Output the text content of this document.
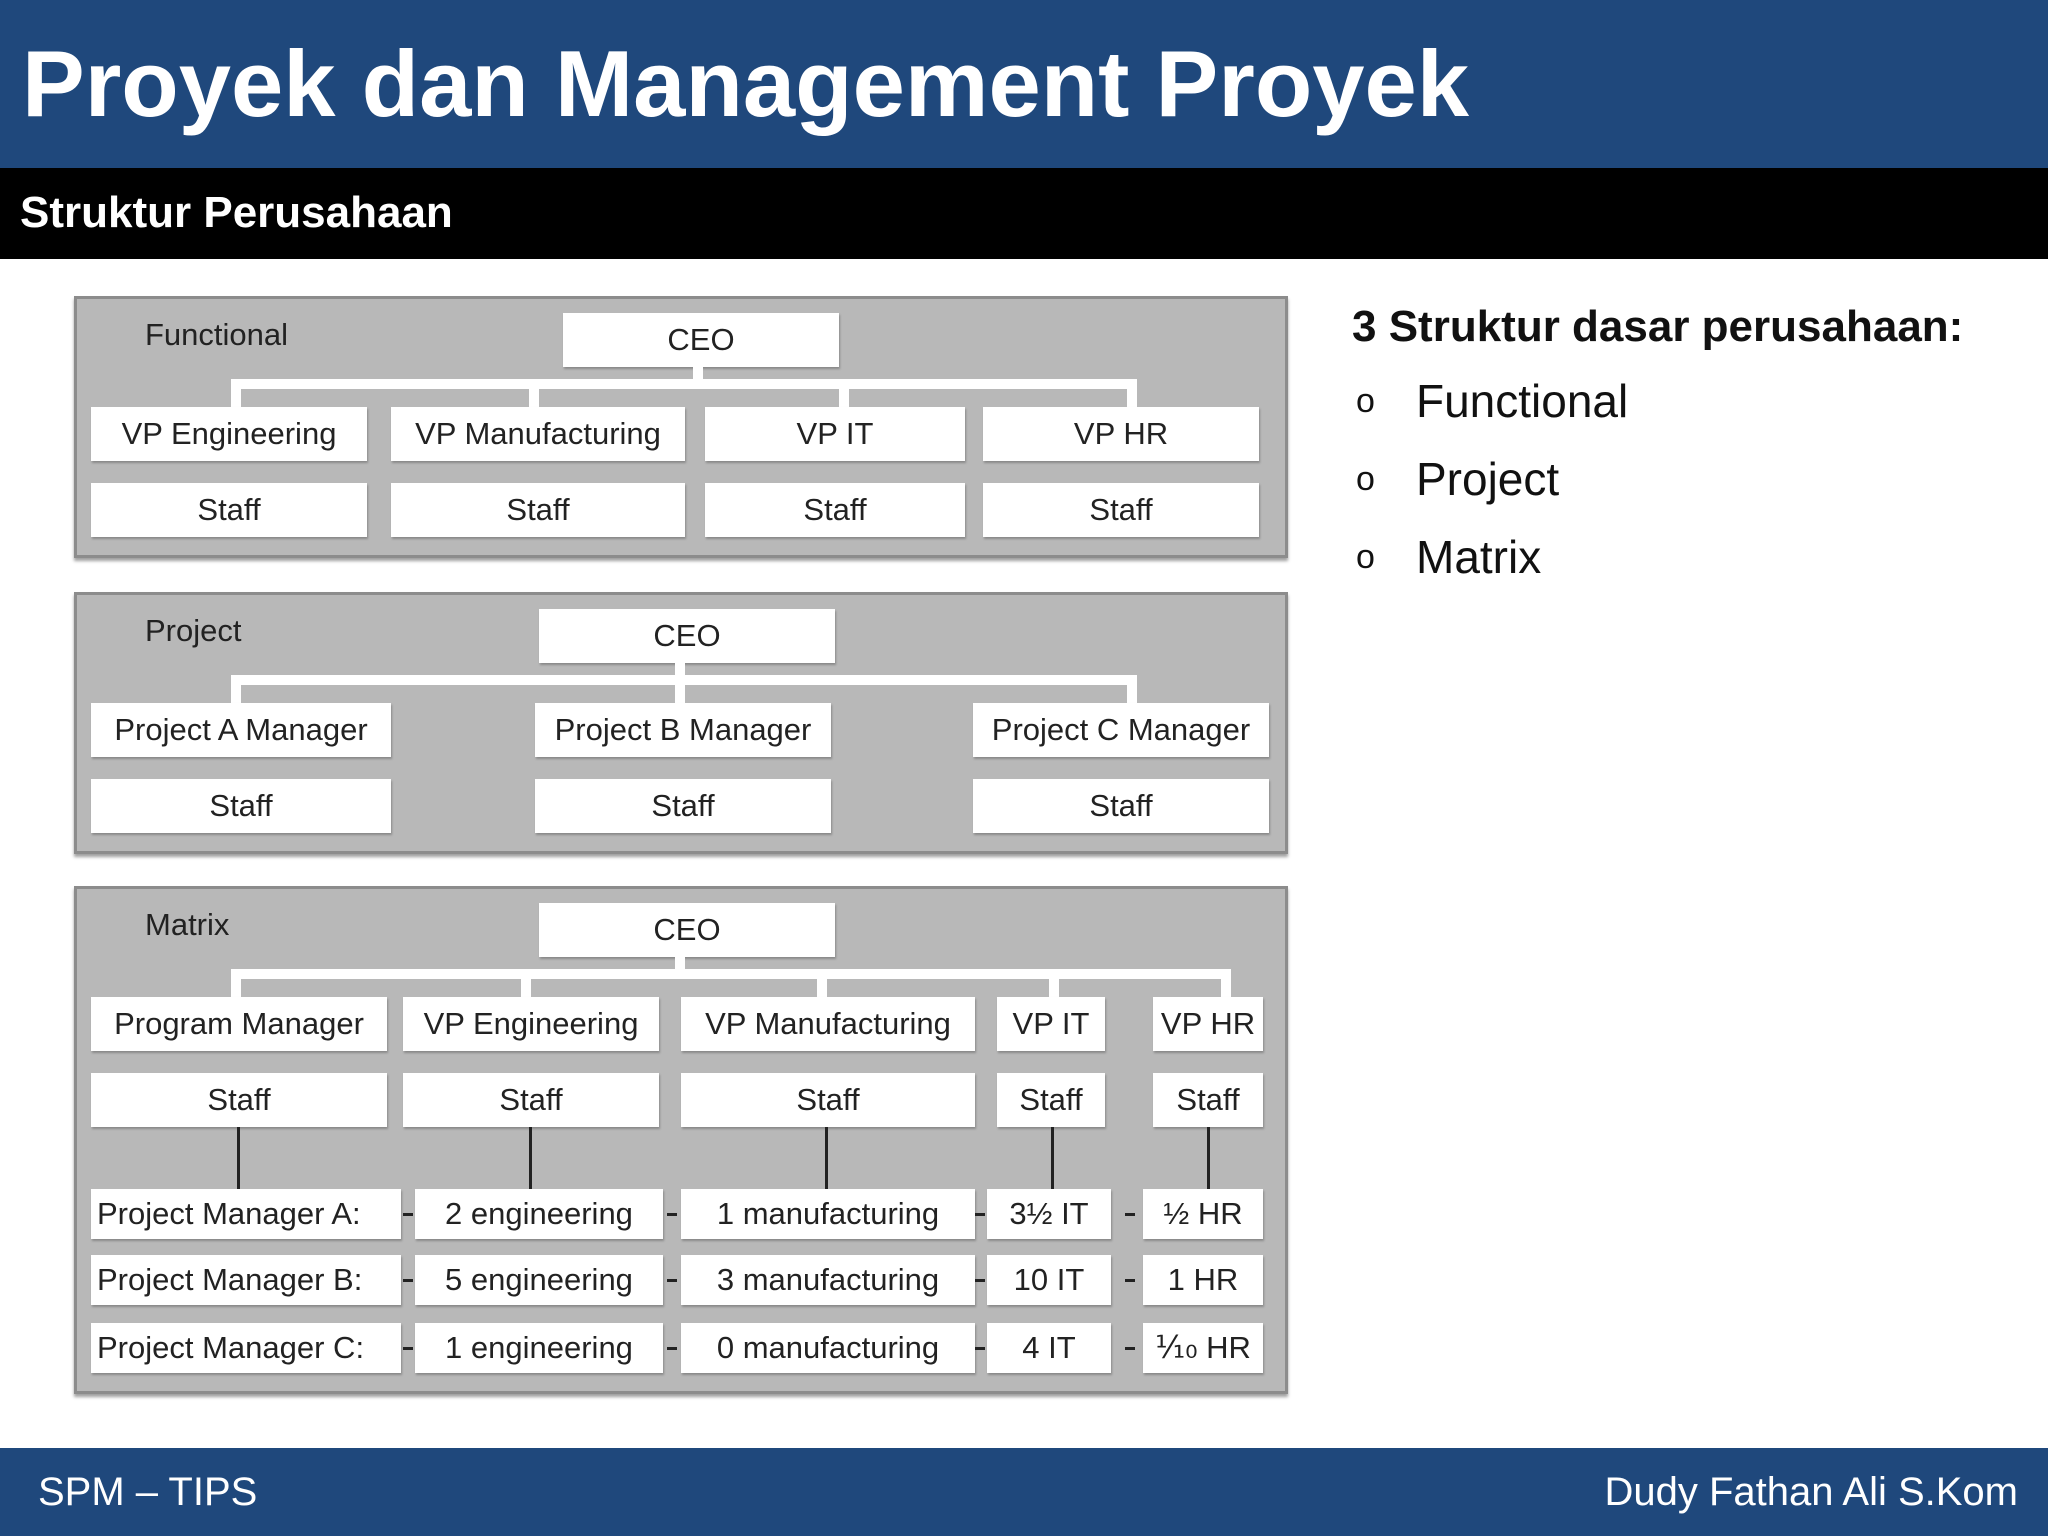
Proyek dan Management Proyek
Struktur Perusahaan
Functional	CEO
VP Engineering	VP Manufacturing	VP IT	VP HR
Staff	Staff	Staff	Staff
Project	CEO
Project A Manager	Project B Manager	Project C Manager
Staff	Staff	Staff
Matrix	CEO
Program Manager	VP Engineering	VP Manufacturing	VP IT	VP HR
Staff	Staff	Staff	Staff	Staff
Project Manager A:	2 engineering	1 manufacturing	3½ IT	½ HR
Project Manager B:	5 engineering	3 manufacturing	10 IT	1 HR
Project Manager C:	1 engineering	0 manufacturing	4 IT	⅒ HR
3 Struktur dasar perusahaan:
o Functional
o Project
o Matrix
SPM – TIPS	Dudy Fathan Ali S.Kom
